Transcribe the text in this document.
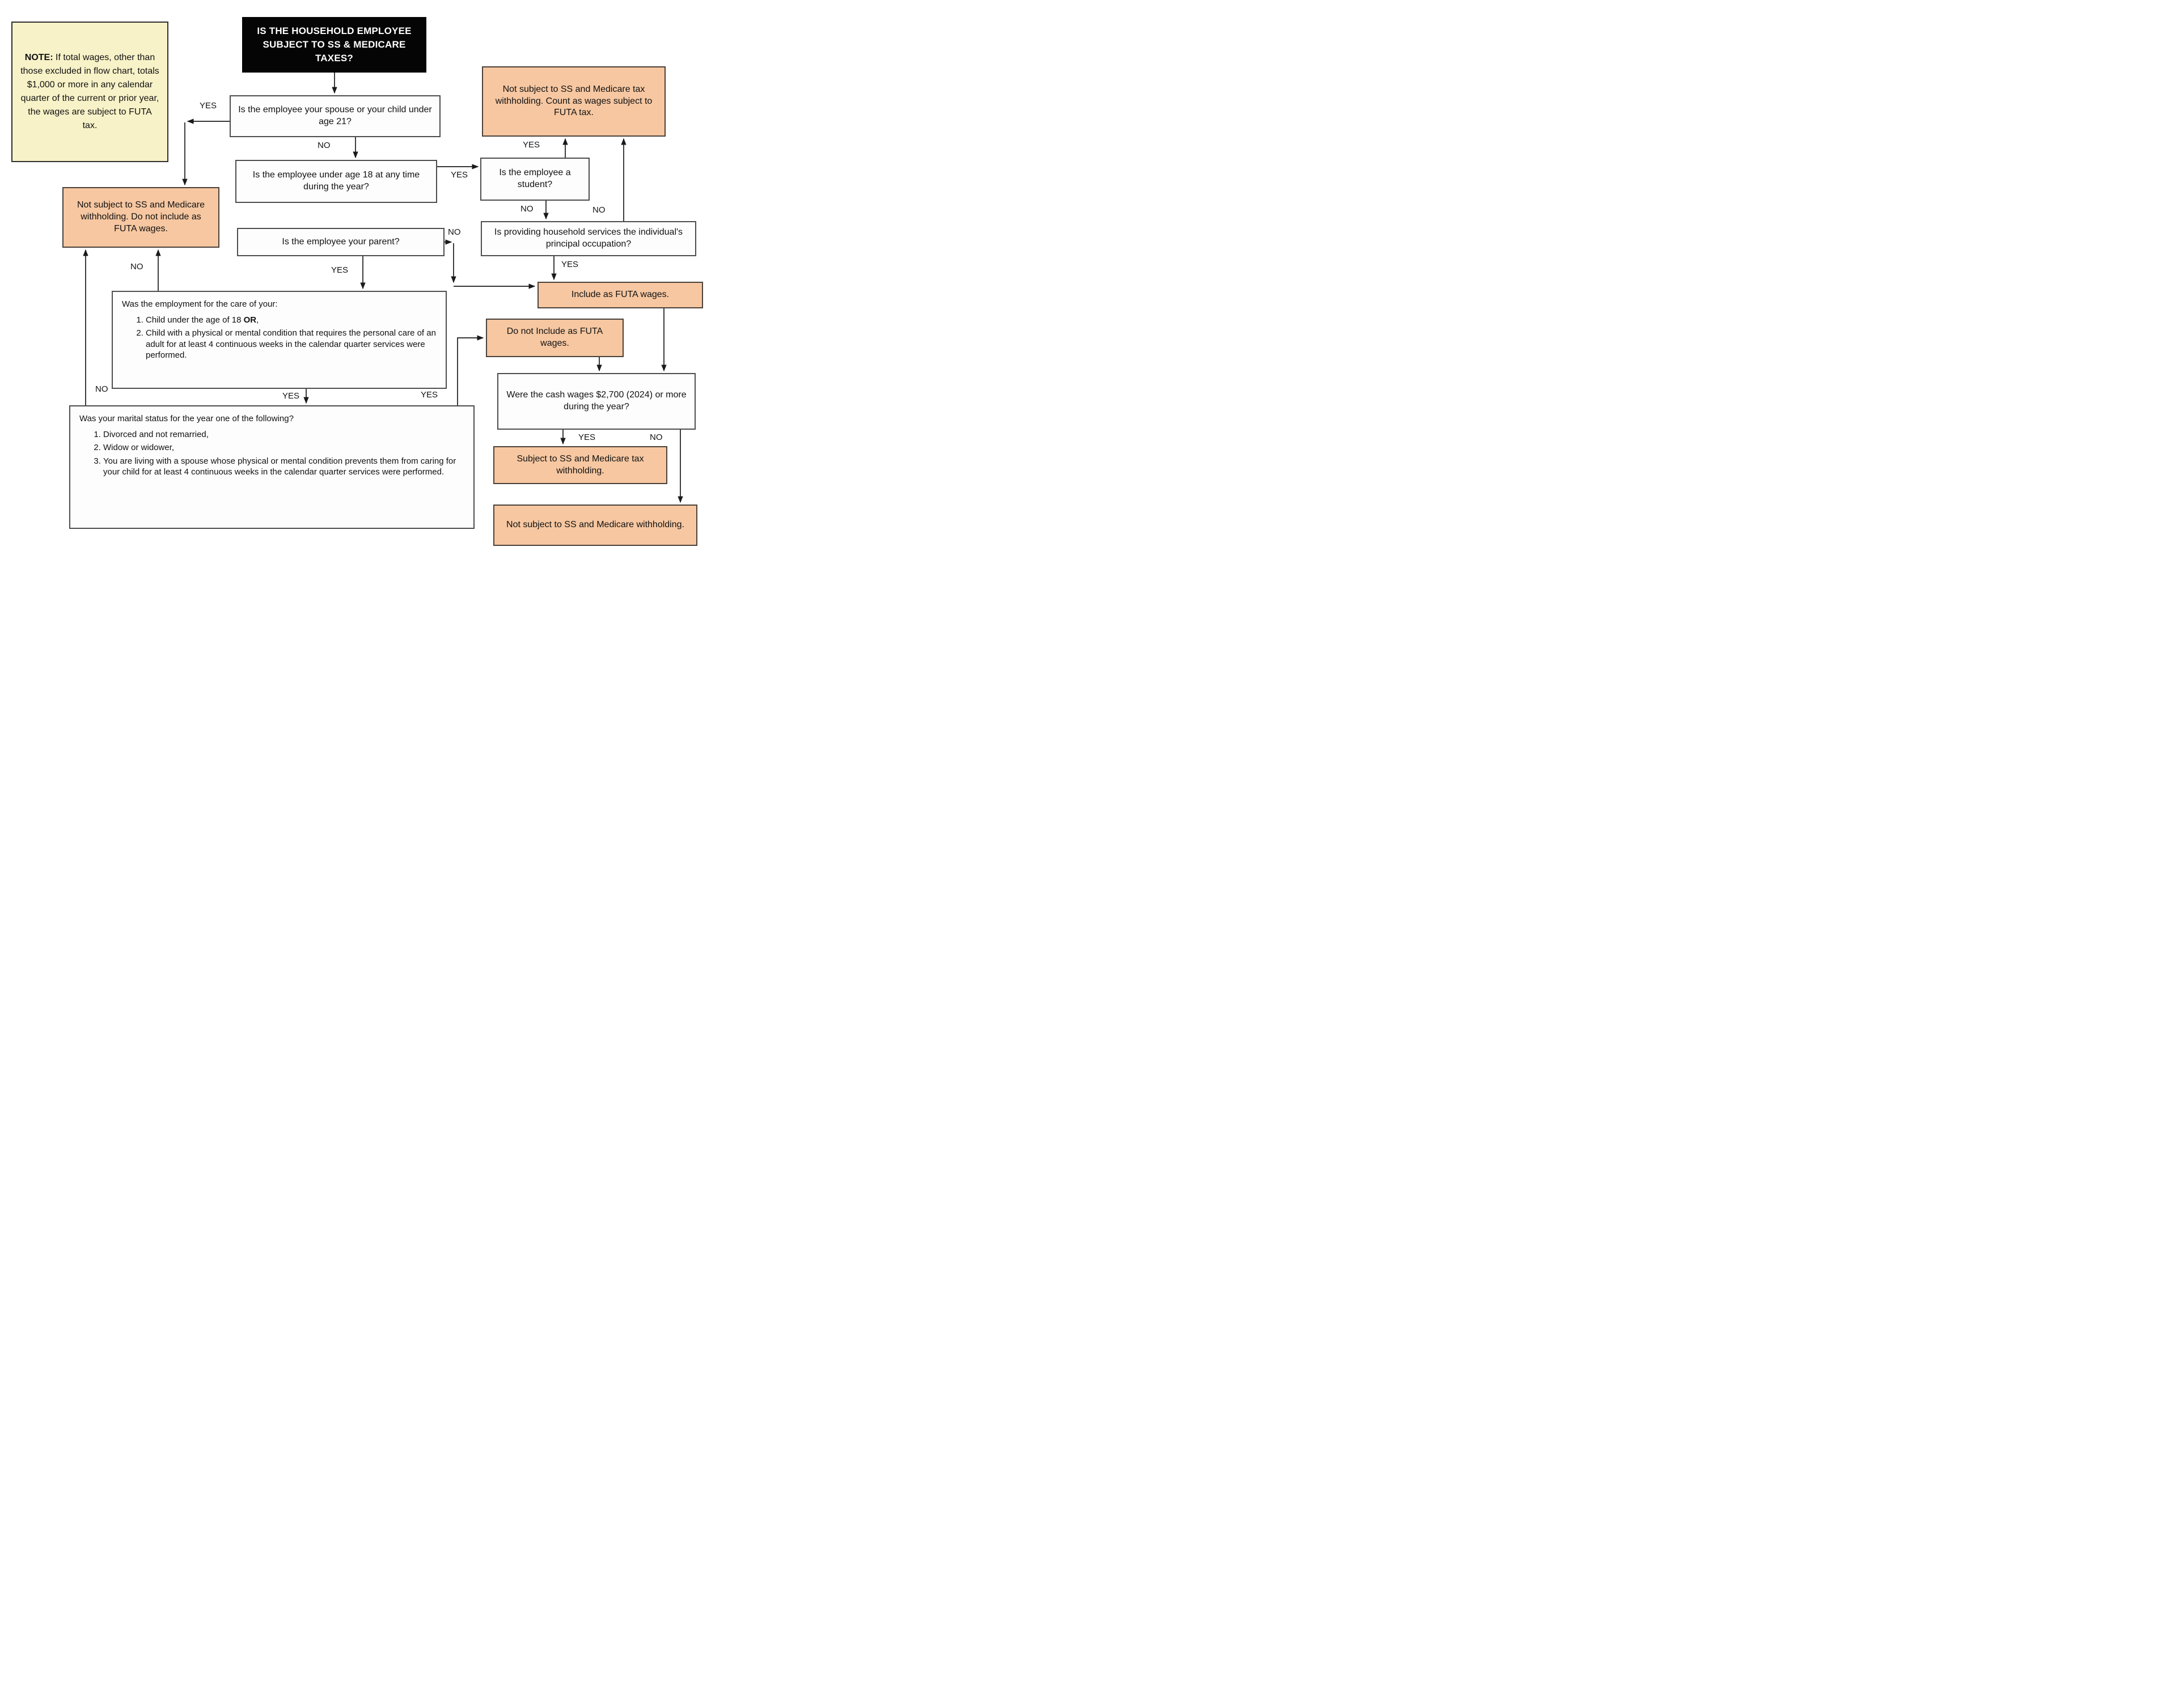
NOTE: If total wages, other than those excluded in flow chart, totals $1,000 or more in any calendar quarter of the current or prior year, the wages are subject to FUTA tax.
IS THE HOUSEHOLD EMPLOYEE SUBJECT TO SS & MEDICARE TAXES?
Is the employee your spouse or your child under age 21?
Is the employee under age 18 at any time during the year?
Is the employee a student?
Not subject to SS and Medicare tax withholding. Count as wages subject to FUTA tax.
Not subject to SS and Medicare withholding. Do not include as FUTA wages.
Is the employee your parent?
Is providing household services the individual's principal occupation?

Was the employment for the care of your:

1. Child under the age of 18 OR,
2. Child with a physical or mental condition that requires the personal care of an adult for at least 4 continuous weeks in the calendar quarter services were performed.
Include as FUTA wages.
Do not Include as FUTA wages.
Were the cash wages $2,700 (2024) or more during the year?

Was your marital status for the year one of the following?

1. Divorced and not remarried,
2. Widow or widower,
3. You are living with a spouse whose physical or mental condition prevents them from caring for your child for at least 4 continuous weeks in the calendar quarter services were performed.
Subject to SS and Medicare tax withholding.
Not subject to SS and Medicare withholding.
YES
NO
YES
YES
NO	NO
YES
NO
YES
NO
YES
NO
YES
YES	NO
